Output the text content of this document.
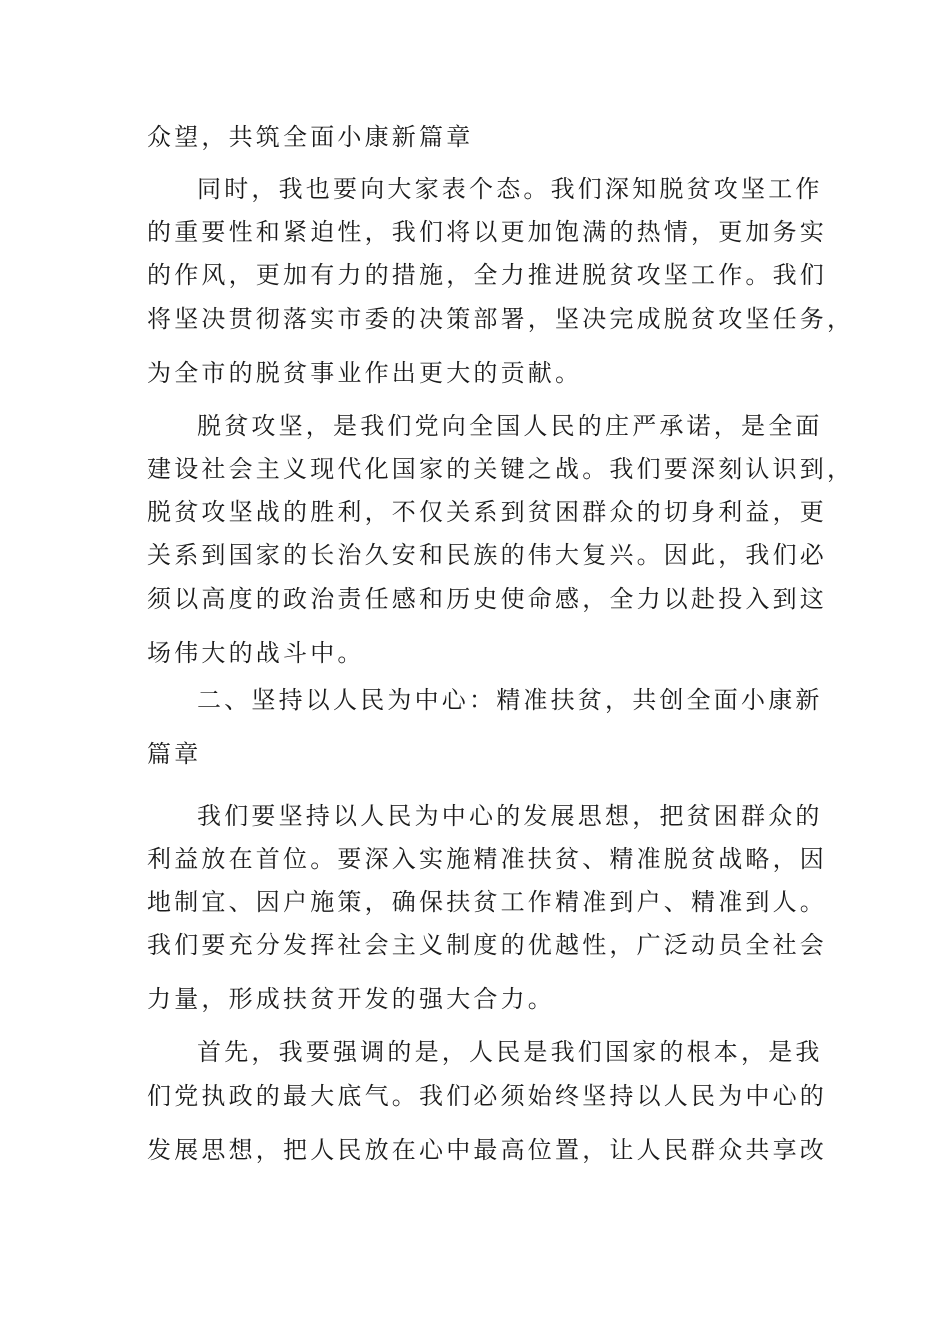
众望，共筑全面小康新篇章
同时，我也要向大家表个态。我们深知脱贫攻坚工作
的重要性和紧迫性，我们将以更加饱满的热情，更加务实
的作风，更加有力的措施，全力推进脱贫攻坚工作。我们
将坚决贯彻落实市委的决策部署，坚决完成脱贫攻坚任务，
为全市的脱贫事业作出更大的贡献。
脱贫攻坚，是我们党向全国人民的庄严承诺，是全面
建设社会主义现代化国家的关键之战。我们要深刻认识到，
脱贫攻坚战的胜利，不仅关系到贫困群众的切身利益，更
关系到国家的长治久安和民族的伟大复兴。因此，我们必
须以高度的政治责任感和历史使命感，全力以赴投入到这
场伟大的战斗中。
二、坚持以人民为中心：精准扶贫，共创全面小康新
篇章
我们要坚持以人民为中心的发展思想，把贫困群众的
利益放在首位。要深入实施精准扶贫、精准脱贫战略，因
地制宜、因户施策，确保扶贫工作精准到户、精准到人。
我们要充分发挥社会主义制度的优越性，广泛动员全社会
力量，形成扶贫开发的强大合力。
首先，我要强调的是，人民是我们国家的根本，是我
们党执政的最大底气。我们必须始终坚持以人民为中心的
发展思想，把人民放在心中最高位置，让人民群众共享改
